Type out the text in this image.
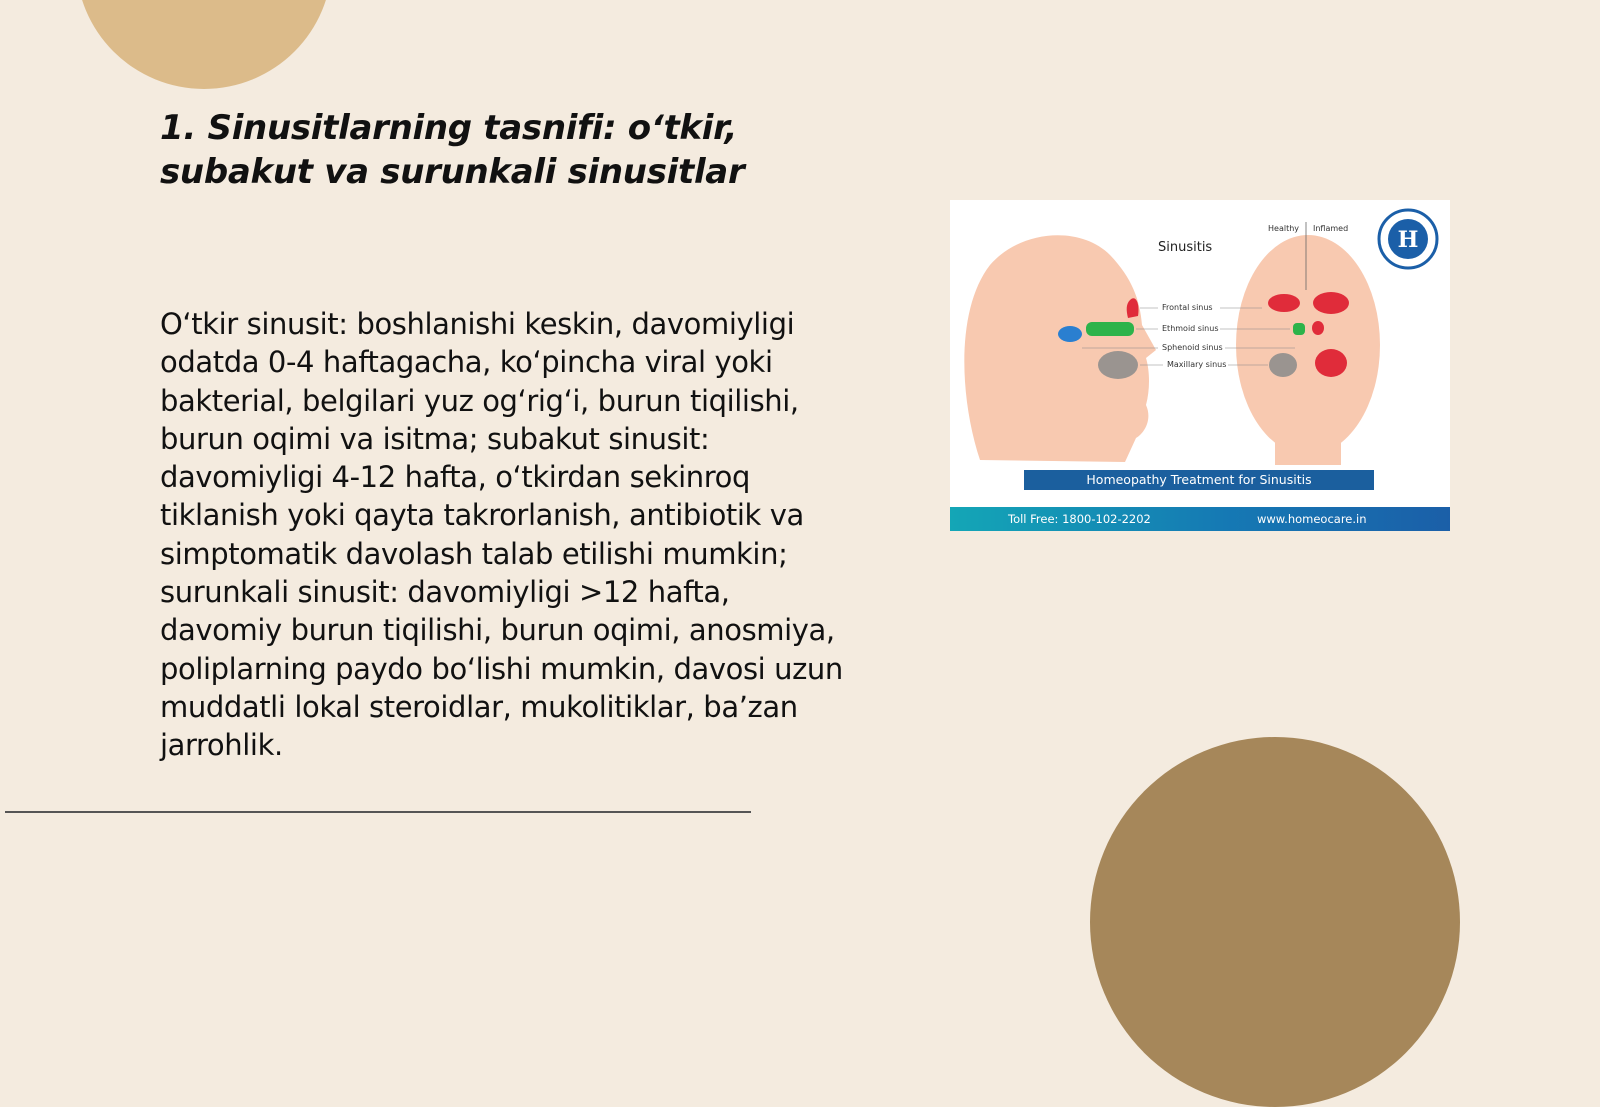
1. Sinusitlarning tasnifi: o‘tkir,
subakut va surunkali sinusitlar

O‘tkir sinusit: boshlanishi keskin, davomiyligi odatda 0-4 haftagacha, ko‘pincha viral yoki bakterial, belgilari yuz og‘rig‘i, burun tiqilishi, burun oqimi va isitma; subakut sinusit: davomiyligi 4-12 hafta, o‘tkirdan sekinroq tiklanish yoki qayta takrorlanish, antibiotik va simptomatik davolash talab etilishi mumkin; surunkali sinusit: davomiyligi >12 hafta, davomiy burun tiqilishi, burun oqimi, anosmiya, poliplarning paydo bo‘lishi mumkin, davosi uzun muddatli lokal steroidlar, mukolitiklar, ba’zan jarrohlik.

H
Sinusitis
Healthy Inflamed
Frontal sinus
Ethmoid sinus
Sphenoid sinus
Maxillary sinus
Homeopathy Treatment for Sinusitis
Toll Free: 1800-102-2202	www.homeocare.in
